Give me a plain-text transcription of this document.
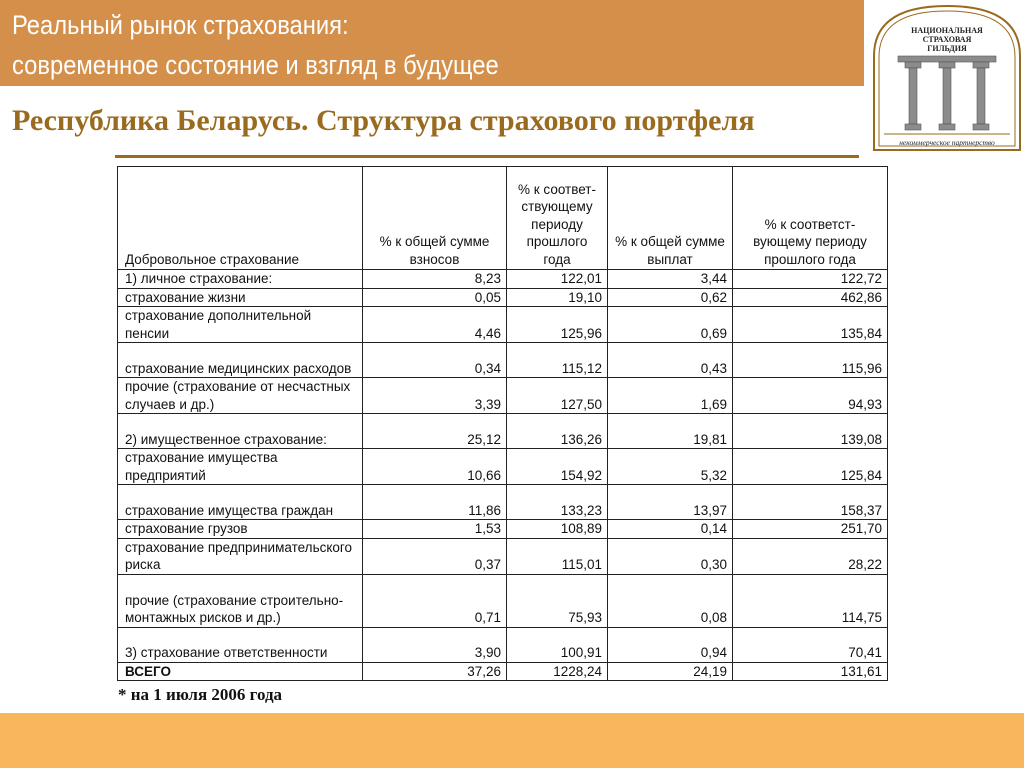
Реальный рынок страхования:
современное состояние и взгляд в будущее
НАЦИОНАЛЬНАЯ
СТРАХОВАЯ
ГИЛЬДИЯ
некоммерческое партнерство
Республика Беларусь. Структура страхового портфеля
Добровольное страхование	% к общей сумме взносов	% к соответ-ствующему периоду прошлого года	% к общей сумме выплат	% к соответст-вующему периоду прошлого года
1) личное страхование:	8,23	122,01	3,44	122,72
страхование жизни	0,05	19,10	0,62	462,86
страхование дополнительной пенсии	4,46	125,96	0,69	135,84
страхование медицинских расходов	0,34	115,12	0,43	115,96
прочие (страхование от несчастных случаев и др.)	3,39	127,50	1,69	94,93
2) имущественное страхование:	25,12	136,26	19,81	139,08
страхование имущества предприятий	10,66	154,92	5,32	125,84
страхование имущества граждан	11,86	133,23	13,97	158,37
страхование грузов	1,53	108,89	0,14	251,70
страхование предпринимательского риска	0,37	115,01	0,30	28,22
прочие (страхование строительно-монтажных рисков и др.)	0,71	75,93	0,08	114,75
3) страхование ответственности	3,90	100,91	0,94	70,41
ВСЕГО	37,26	1228,24	24,19	131,61
* на 1 июля 2006 года
